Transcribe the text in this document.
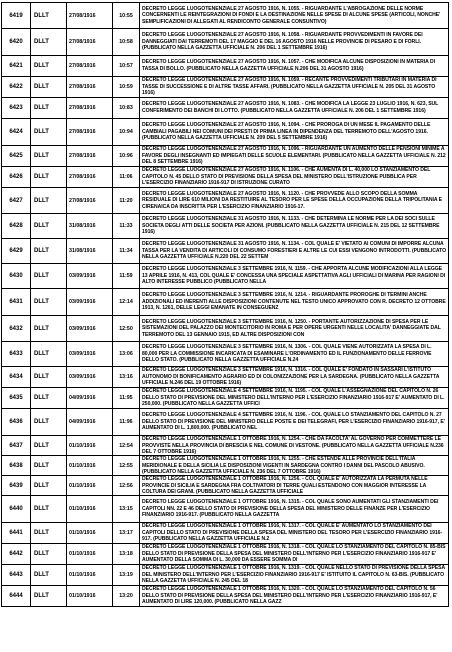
6419	DLLT	27/08/1916	10:55	DECRETO LEGGE LUOGOTENENZIALE 27 AGOSTO 1916, N. 1055. - RIGUARDANTE L'ABROGAZIONE DELLE NORME CONCERNENTI LE REINTEGRAZIONI DI FONDI E LA DESTINAZIONE NELLE SPESE DI ALCUNE SPESE (ARTICOLI, NONCHE' SEMPLIFICAZIONI DI ALLEGATI AL RENDICONTO GENERALE CONSUNTIVO)

6420	DLLT	27/08/1916	10:58	DECRETO LEGGE LUOGOTENENZIALE 27 AGOSTO 1916, N. 1058. - RIGUARDANTE PROVVEDIMENTI IN FAVORE DEI DANNEGGIATI DAI TERREMOTI DEL 17 MAGGIO E DEL 16 AGOSTO 1916 NELLE PROVINCIE DI PESARO E DI FORLI. (PUBBLICATO NELLA GAZZETTA UFFICIALE N. 206 DEL 1 SETTEMBRE 1916)

6421	DLLT	27/08/1916	10:57	DECRETO LEGGE LUOGOTENENZIALE 27 AGOSTO 1916, N. 1057. - CHE MODIFICA ALCUNE DISPOSIZIONI IN MATERIA DI TASSA DI BOLLO. (PUBBLICATO NELLA GAZZETTA UFFICIALE N.206 DEL 31 AGOSTO 1916)

6422	DLLT	27/08/1916	10:59	DECRETO LEGGE LUOGOTENENZIALE 27 AGOSTO 1916, N. 1059. - RECANTE PROVVEDIMENTI TRIBUTARI IN MATERIA DI TASSE DI SUCCESSIONE E DI ALTRE TASSE AFFARI. (PUBBLICATO NELLA GAZZETTA UFFICIALE N. 205 DEL 31 AGOSTO 1916)

6423	DLLT	27/08/1916	10:83	DECRETO LEGGE LUOGOTENENZIALE 27 AGOSTO 1916, N. 1083. - CHE MODIFICA LA LEGGE 23 LUGLIO 1916, N. 623, SUL CONFERIMENTO DEI BANCHI DI LOTTO. (PUBBLICATO NELLA GAZZETTA UFFICIALE N. 206 DEL 1 SETTEMBRE 1916)

6424	DLLT	27/08/1916	10:94	DECRETO LEGGE LUOGOTENENZIALE 27 AGOSTO 1916, N. 1094. - CHE PROROGA DI UN MESE IL PAGAMENTO DELLE CAMBIALI PAGABILI NEI COMUNI DEI PRESTI DI PRIMA LINEA IN DIPENDENZA DEL TERREMOTO DELL'AGOSTO 1916. (PUBBLICATO NELLA GAZZETTA UFFICIALE N. 209 DEL 5 SETTEMBRE 1916)

6425	DLLT	27/08/1916	10:96	DECRETO LEGGE LUOGOTENENZIALE 27 AGOSTO 1916, N. 1096. - RIGUARDANTE UN AUMENTO DELLE PENSIONI MINIME A FAVORE DEGLI INSEGNANTI ED IMPIEGATI DELLE SCUOLE ELEMENTARI. (PUBBLICATO NELLA GAZZETTA UFFICIALE N. 212 DEL 8 SETTEMBRE 1916)

6426	DLLT	27/08/1916	11:06	DECRETO LEGGE LUOGOTENENZIALE 27 AGOSTO 1916, N. 1106. - CHE AUMENTA DI L. 40,000 LO STANZIAMENTO DEL CAPITOLO N. 45 DELLO STATO DI PREVISIONE DELLA SPESA DEL MINISTERO DELL'ISTRUZIONE PUBBLICA PER L'ESERCIZIO FINANZIARIO 1916-917 DI ISTRUZIONE CURATO

6427	DLLT	27/08/1916	11:20	DECRETO LEGGE LUOGOTENENZIALE 27 AGOSTO 1916, N. 1120. - CHE PROVVEDE ALLO SCOPO DELLA SOMMA RESIDUALE DI LIRE 610 MILIONI DA RESTITUIRE AL TESORO PER LE SPESE DELLA OCCUPAZIONE DELLA TRIPOLITANIA E CIRENAICA DA INSCRITTA PER L'ESERCIZIO FINANZIARIO 1916-17.

6428	DLLT	31/08/1916	11:33	DECRETO LEGGE LUOGOTENENZIALE 31 AGOSTO 1916, N. 1133. - CHE DETERMINA LE NORME PER LA DEI SOCI SULLE SOCIETA DEGLI ATTI DELLE SOCIETA PER AZIONI. (PUBBLICATO NELLA GAZZETTA UFFICIALE N. 215 DEL 12 SETTEMBRE 1916)

6429	DLLT	31/08/1916	11:34	DECRETO LEGGE LUOGOTENENZIALE 31 AGOSTO 1916, N. 1134. - COL QUALE E' VIETATO AI COMUNI DI IMPORRE ALCUNA TASSA PER LA VENDITA DI ARTICOLI DI CONSUMO FORESTIERI E ALTRE LE CUI ESSI VENGONO INTRODOTTI. (PUBBLICATO NELLA GAZZETTA UFFICIALE N.220 DEL 22 SETTEM

6430	DLLT	03/09/1916	11:59	DECRETO LEGGE LUOGOTENENZIALE 3 SETTEMBRE 1916, N. 1159. - CHE APPORTA ALCUNE MODIFICAZIONI ALLA LEGGE 13 APRILE 1916, N. 413, COL QUALE E' CONCESSA UNA SPECIALE ASPETTATIVA AGLI UFFICIALI DI MARINA PER RAGIONI DI ALTO INTERESSE PUBBLICO (PUBBLICATO NELLA

6431	DLLT	03/09/1916	12:14	DECRETO LEGGE LUOGOTENENZIALE 3 SETTEMBRE 1916, N. 1214. - RIGUARDANTE PROROGHE DI TERMINI ANCHE ADDIZIONALI ED INERENTI ALLE DISPOSIZIONI CONTENUTE NEL TESTO UNICO APPROVATO CON R. DECRETO 12 OTTOBRE 1913, N. 1261, DELLE LEGGI EMANATE IN CONSEGUENZ

6432	DLLT	03/09/1916	12:50	DECRETO LEGGE LUOGOTENENZIALE 3 SETTEMBRE 1916, N. 1250. - PORTANTE AUTORIZZAZIONE DI SPESA PER LE SISTEMAZIONI DEL PALAZZO DEI MONTECITORIO IN ROMA E PER OPERE URGENTI NELLE LOCALITA' DANNEGGIATE DAL TERREMOTO DEL 13 GENNAIO 1915, ED ALTRE DISPOSIZIONI CON

6433	DLLT	03/09/1916	13:06	DECRETO LEGGE LUOGOTENENZIALE 3 SETTEMBRE 1916, N. 1306. - COL QUALE VIENE AUTORIZZATA LA SPESA DI L. 80,000 PER LA COMMISSIONE INCARICATA DI ESAMINARE L'ORDINAMENTO ED IL FUNZIONAMENTO DELLE FERROVIE DELLO STATO. (PUBBLICATO NELLA GAZZETTA UFFICIALE N.24

6434	DLLT	03/09/1916	13:16	DECRETO LEGGE LUOGOTENENZIALE 3 SETTEMBRE 1916, N. 1316. - COL QUALE E' FONDATO IN SASSARI L'ISTITUTO AUTONOMO DI BONIFICAMENTO AGRARIO ED DI COLONIZZAZIONE PER LA SARDEGNA. (PUBBLICATO NELLA GAZZETTA UFFICIALE N.246 DEL 19 OTTOBRE 1916)

6435	DLLT	04/09/1916	11:95	DECRETO LEGGE LUOGOTENENZIALE 4 SETTEMBRE 1916, N. 1195. - COL QUALE L'ASSEGNAZIONE DEL CAPITOLO N. 26 DELLO STATO DI PREVISIONE DEL MINISTERO DELL'INTERNO PER L'ESERCIZIO FINANZIARIO 1916-917 E' AUMENTATO DI L. 250,000. (PUBBLICATO NELLA GAZZETTA UFFICI

6436	DLLT	04/09/1916	11:96	DECRETO LEGGE LUOGOTENENZIALE 4 SETTEMBRE 1916, N. 1196. - COL QUALE LO STANZIAMENTO DEL CAPITOLO N. 27 DELLO STATO DI PREVISIONE DEL MINISTERO DELLE POSTE E DEI TELEGRAFI, PER L'ESERCIZIO FINANZIARIO 1916-917, E' AUMENTATO DI L. 1,800,000. (PUBBLICATO NEL

6437	DLLT	01/10/1916	12:54	DECRETO LEGGE LUOGOTENENZIALE 1 OTTOBRE 1916, N. 1254. - CHE DA FACOLTA' AL GOVERNO PER COMMETTERE LE PROVVISTE NELLA PROVINCIA DI BRESCIA E NEL COMUNE DI VESTONE. (PUBBLICATO NELLA GAZZETTA UFFICIALE N.236 DEL 7 OTTOBRE 1916)

6438	DLLT	01/10/1916	12:55	DECRETO LEGGE LUOGOTENENZIALE 1 OTTOBRE 1916, N. 1255. - CHE ESTENDE ALLE PROVINCIE DELL'ITALIA MERIDIONALE E DELLA SICILIA LE DISPOSIZIONI VIGENTI IN SARDEGNA CONTRO I DANNI DEL PASCOLO ABUSIVO. (PUBBLICATO NELLA GAZZETTA UFFICIALE N. 236 DEL 7 OTTOBRE 1916)

6439	DLLT	01/10/1916	12:56	DECRETO LEGGE LUOGOTENENZIALE 1 OTTOBRE 1916, N. 1256. - COL QUALE E' AUTORIZZATA LA PERMUTA NELLE PROVINCIE DI SICILIA E SARDEGNA FRA COLTIVATORI DI TERRE QUALI ESTENDONO CON MAGGIOR INTERESSE LA COLTURA DEI GRANI. (PUBBLICATO NELLA GAZZETTA UFFICIALE

6440	DLLT	01/10/1916	13:15	DECRETO LEGGE LUOGOTENENZIALE 1 OTTOBRE 1916, N. 1315. - COL QUALE SONO AUMENTATI GLI STANZIAMENTI DEI CAPITOLI NN. 22 E 46 DELLO STATO DI PREVISIONE DELLA SPESA DEL MINISTERO DELLE FINANZE PER L'ESERCIZIO FINANZIARIO 1916-917. (PUBBLICATO NELLA GAZZETTA

6441	DLLT	01/10/1916	13:17	DECRETO LEGGE LUOGOTENENZIALE 1 OTTOBRE 1916, N. 1317. - COL QUALE E' AUMENTATO LO STANZIAMENTO DEI CAPITOLI DELLO STATO DI PREVISIONE DELLA SPESA DEL MINISTERO DEL TESORO PER L'ESERCIZIO FINANZIARIO 1916-917. (PUBBLICATO NELLA GAZZETTA UFFICIALE N.2

6442	DLLT	01/10/1916	13:18	DECRETO LEGGE LUOGOTENENZIALE 1 OTTOBRE 1916, N. 1318. - COL QUALE LO STANZIAMENTO DEL CAPITOLO N. 85-BIS DELLO STATO DI PREVISIONE DELLA SPESA DEL MINISTERO DELL'INTERNO PER L'ESERCIZIO FINANZIARIO 1916-917 E' AUMENTATO DELLA SOMMA DI L. 30,000 DA ESSERE SOMMA DI

6443	DLLT	01/10/1916	13:19	DECRETO LEGGE LUOGOTENENZIALE 1 OTTOBRE 1916, N. 1319. - COL QUALE NELLO STATO DI PREVISIONE DELLA SPESA DEL MINISTERO DELL'INTERNO PER L'ESERCIZIO FINANZIARIO 1916-917 E' ISTITUITO IL CAPITOLO N. 63-BIS. (PUBBLICATO NELLA GAZZETTA UFFICIALE N. 245 DEL 18

6444	DLLT	01/10/1916	13:20	DECRETO LEGGE LUOGOTENENZIALE 1 OTTOBRE 1916, N. 1320. - COL QUALE LO STANZIAMENTO DEL CAPITOLO N. 56 DELLO STATO DI PREVISIONE DELLA SPESA DEL MINISTERO DELL'INTERNO PER L'ESERCIZIO FINANZIARIO 1916-917, E' AUMENTATO DI LIRE 120,000. (PUBBLICATO NELLA GAZZ
